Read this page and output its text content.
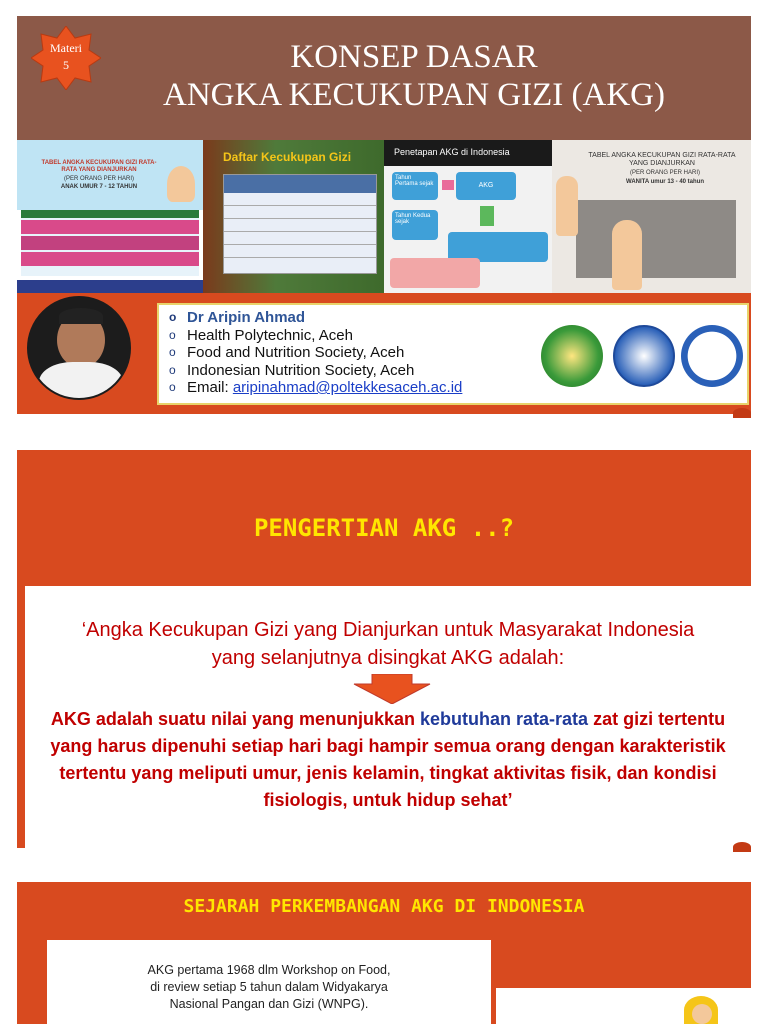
Materi
5	KONSEP DASAR
ANGKA KECUKUPAN GIZI (AKG)
TABEL ANGKA KECUKUPAN GIZI RATA-RATA YANG DIANJURKAN
(PER ORANG PER HARI)
ANAK UMUR 7 - 12 TAHUN
Daftar Kecukupan Gizi	Penetapan AKG di Indonesia
Tahun Pertama sejak	AKG
Tahun Kedua sejak
TABEL ANGKA KECUKUPAN GIZI RATA-RATA YANG DIANJURKAN
(PER ORANG PER HARI)
WANITA umur 13 - 40 tahun
o Dr Aripin Ahmad
o Health Polytechnic, Aceh
o Food and Nutrition Society, Aceh
o Indonesian Nutrition Society, Aceh
o Email: aripinahmad@poltekkesaceh.ac.id
PENGERTIAN AKG ..?
‘Angka Kecukupan Gizi yang Dianjurkan untuk Masyarakat Indonesia
yang selanjutnya disingkat AKG adalah:
AKG adalah suatu nilai yang menunjukkan kebutuhan rata-rata zat gizi tertentu yang harus dipenuhi setiap hari bagi hampir semua orang dengan karakteristik tertentu yang meliputi umur, jenis kelamin, tingkat aktivitas fisik, dan kondisi fisiologis, untuk hidup sehat’
SEJARAH PERKEMBANGAN AKG DI INDONESIA
AKG pertama 1968 dlm Workshop on Food,
di review setiap 5 tahun dalam Widyakarya
Nasional Pangan dan Gizi (WNPG).
